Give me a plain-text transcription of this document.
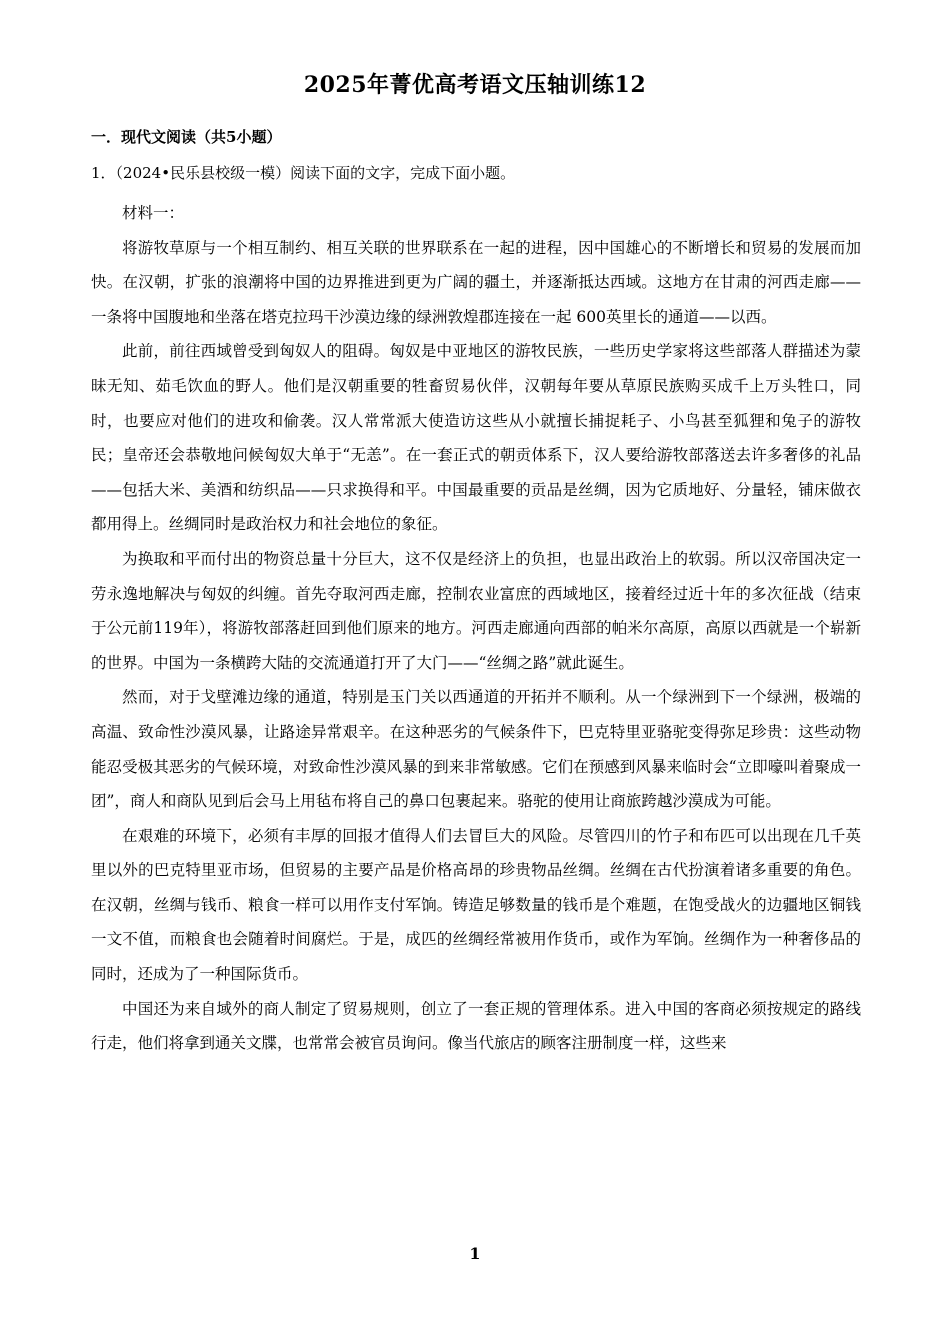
2025年菁优高考语文压轴训练12
一．现代文阅读（共5小题）
1．（2024•民乐县校级一模）阅读下面的文字，完成下面小题。

材料一：

将游牧草原与一个相互制约、相互关联的世界联系在一起的进程，因中国雄心的不断增长和贸易的发展而加快。在汉朝，扩张的浪潮将中国的边界推进到更为广阔的疆土，并逐渐抵达西域。这地方在甘肃的河西走廊——一条将中国腹地和坐落在塔克拉玛干沙漠边缘的绿洲敦煌郡连接在一起 600英里长的通道——以西。

此前，前往西域曾受到匈奴人的阻碍。匈奴是中亚地区的游牧民族，一些历史学家将这些部落人群描述为蒙昧无知、茹毛饮血的野人。他们是汉朝重要的牲畜贸易伙伴，汉朝每年要从草原民族购买成千上万头牲口，同时，也要应对他们的进攻和偷袭。汉人常常派大使造访这些从小就擅长捕捉耗子、小鸟甚至狐狸和兔子的游牧民；皇帝还会恭敬地问候匈奴大单于“无恙”。在一套正式的朝贡体系下，汉人要给游牧部落送去许多奢侈的礼品——包括大米、美酒和纺织品——只求换得和平。中国最重要的贡品是丝绸，因为它质地好、分量轻，铺床做衣都用得上。丝绸同时是政治权力和社会地位的象征。

为换取和平而付出的物资总量十分巨大，这不仅是经济上的负担，也显出政治上的软弱。所以汉帝国决定一劳永逸地解决与匈奴的纠缠。首先夺取河西走廊，控制农业富庶的西域地区，接着经过近十年的多次征战（结束于公元前119年），将游牧部落赶回到他们原来的地方。河西走廊通向西部的帕米尔高原，高原以西就是一个崭新的世界。中国为一条横跨大陆的交流通道打开了大门——“丝绸之路”就此诞生。

然而，对于戈壁滩边缘的通道，特别是玉门关以西通道的开拓并不顺利。从一个绿洲到下一个绿洲，极端的高温、致命性沙漠风暴，让路途异常艰辛。在这种恶劣的气候条件下，巴克特里亚骆驼变得弥足珍贵：这些动物能忍受极其恶劣的气候环境，对致命性沙漠风暴的到来非常敏感。它们在预感到风暴来临时会“立即嚎叫着聚成一团”，商人和商队见到后会马上用毡布将自己的鼻口包裹起来。骆驼的使用让商旅跨越沙漠成为可能。

在艰难的环境下，必须有丰厚的回报才值得人们去冒巨大的风险。尽管四川的竹子和布匹可以出现在几千英里以外的巴克特里亚市场，但贸易的主要产品是价格高昂的珍贵物品丝绸。丝绸在古代扮演着诸多重要的角色。在汉朝，丝绸与钱币、粮食一样可以用作支付军饷。铸造足够数量的钱币是个难题，在饱受战火的边疆地区铜钱一文不值，而粮食也会随着时间腐烂。于是，成匹的丝绸经常被用作货币，或作为军饷。丝绸作为一种奢侈品的同时，还成为了一种国际货币。

中国还为来自域外的商人制定了贸易规则，创立了一套正规的管理体系。进入中国的客商必须按规定的路线行走，他们将拿到通关文牒，也常常会被官员询问。像当代旅店的顾客注册制度一样，这些来

1
